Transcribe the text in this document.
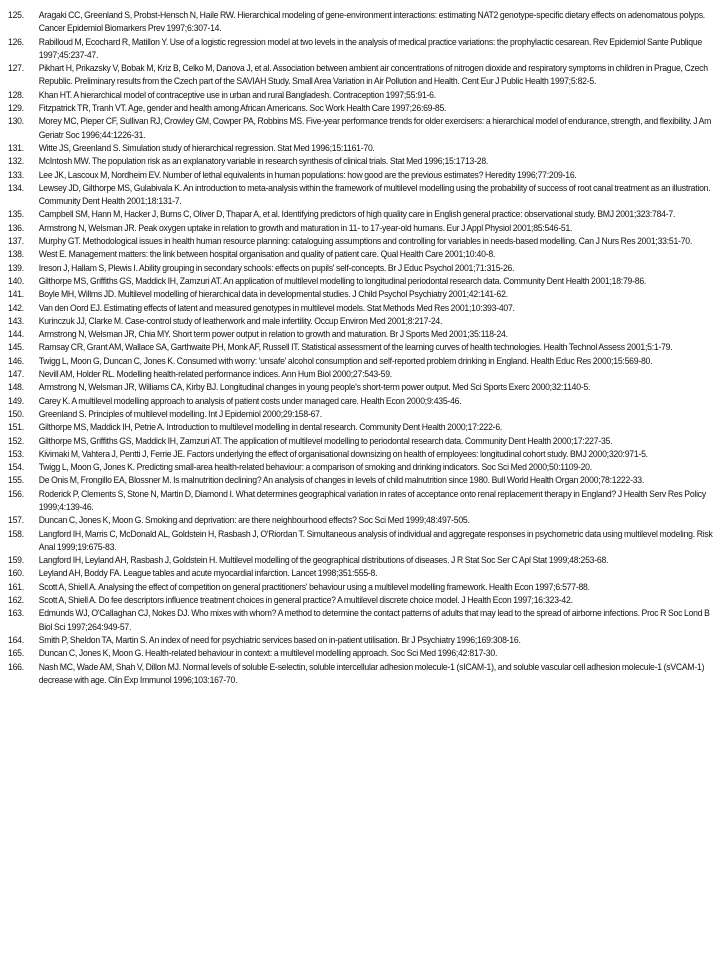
125.	Aragaki CC, Greenland S, Probst-Hensch N, Haile RW. Hierarchical modeling of gene-environment interactions: estimating NAT2 genotype-specific dietary effects on adenomatous polyps. Cancer Epidemiol Biomarkers Prev 1997;6:307-14.
126.	Rabilloud M, Ecochard R, Matillon Y. Use of a logistic regression model at two levels in the analysis of medical practice variations: the prophylactic cesarean. Rev Epidemiol Sante Publique 1997;45:237-47.
127.	Pikhart H, Prikazsky V, Bobak M, Kriz B, Celko M, Danova J, et al. Association between ambient air concentrations of nitrogen dioxide and respiratory symptoms in children in Prague, Czech Republic. Preliminary results from the Czech part of the SAVIAH Study. Small Area Variation in Air Pollution and Health. Cent Eur J Public Health 1997;5:82-5.
128.	Khan HT. A hierarchical model of contraceptive use in urban and rural Bangladesh. Contraception 1997;55:91-6.
129.	Fitzpatrick TR, Tranh VT. Age, gender and health among African Americans. Soc Work Health Care 1997;26:69-85.
130.	Morey MC, Pieper CF, Sullivan RJ, Crowley GM, Cowper PA, Robbins MS. Five-year performance trends for older exercisers: a hierarchical model of endurance, strength, and flexibility. J Am Geriatr Soc 1996;44:1226-31.
131.	Witte JS, Greenland S. Simulation study of hierarchical regression. Stat Med 1996;15:1161-70.
132.	McIntosh MW. The population risk as an explanatory variable in research synthesis of clinical trials. Stat Med 1996;15:1713-28.
133.	Lee JK, Lascoux M, Nordheim EV. Number of lethal equivalents in human populations: how good are the previous estimates? Heredity 1996;77:209-16.
134.	Lewsey JD, Gilthorpe MS, Gulabivala K. An introduction to meta-analysis within the framework of multilevel modelling using the probability of success of root canal treatment as an illustration. Community Dent Health 2001;18:131-7.
135.	Campbell SM, Hann M, Hacker J, Burns C, Oliver D, Thapar A, et al. Identifying predictors of high quality care in English general practice: observational study. BMJ 2001;323:784-7.
136.	Armstrong N, Welsman JR. Peak oxygen uptake in relation to growth and maturation in 11- to 17-year-old humans. Eur J Appl Physiol 2001;85:546-51.
137.	Murphy GT. Methodological issues in health human resource planning: cataloguing assumptions and controlling for variables in needs-based modelling. Can J Nurs Res 2001;33:51-70.
138.	West E. Management matters: the link between hospital organisation and quality of patient care. Qual Health Care 2001;10:40-8.
139.	Ireson J, Hallam S, Plewis I. Ability grouping in secondary schools: effects on pupils' self-concepts. Br J Educ Psychol 2001;71:315-26.
140.	Gilthorpe MS, Griffiths GS, Maddick IH, Zamzuri AT. An application of multilevel modelling to longitudinal periodontal research data. Community Dent Health 2001;18:79-86.
141.	Boyle MH, Willms JD. Multilevel modelling of hierarchical data in developmental studies. J Child Psychol Psychiatry 2001;42:141-62.
142.	Van den Oord EJ. Estimating effects of latent and measured genotypes in multilevel models. Stat Methods Med Res 2001;10:393-407.
143.	Kurinczuk JJ, Clarke M. Case-control study of leatherwork and male infertility. Occup Environ Med 2001;8:217-24.
144.	Armstrong N, Welsman JR, Chia MY. Short term power output in relation to growth and maturation. Br J Sports Med 2001;35:118-24.
145.	Ramsay CR, Grant AM, Wallace SA, Garthwaite PH, Monk AF, Russell IT. Statistical assessment of the learning curves of health technologies. Health Technol Assess 2001;5:1-79.
146.	Twigg L, Moon G, Duncan C, Jones K. Consumed with worry: 'unsafe' alcohol consumption and self-reported problem drinking in England. Health Educ Res 2000;15:569-80.
147.	Nevill AM, Holder RL. Modelling health-related performance indices. Ann Hum Biol 2000;27:543-59.
148.	Armstrong N, Welsman JR, Williams CA, Kirby BJ. Longitudinal changes in young people's short-term power output. Med Sci Sports Exerc 2000;32:1140-5.
149.	Carey K. A multilevel modelling approach to analysis of patient costs under managed care. Health Econ 2000;9:435-46.
150.	Greenland S. Principles of multilevel modelling. Int J Epidemiol 2000;29:158-67.
151.	Gilthorpe MS, Maddick IH, Petrie A. Introduction to multilevel modelling in dental research. Community Dent Health 2000;17:222-6.
152.	Gilthorpe MS, Griffiths GS, Maddick IH, Zamzuri AT. The application of multilevel modelling to periodontal research data. Community Dent Health 2000;17:227-35.
153.	Kivimaki M, Vahtera J, Pentti J, Ferrie JE. Factors underlying the effect of organisational downsizing on health of employees: longitudinal cohort study. BMJ 2000;320:971-5.
154.	Twigg L, Moon G, Jones K. Predicting small-area health-related behaviour: a comparison of smoking and drinking indicators. Soc Sci Med 2000;50:1109-20.
155.	De Onis M, Frongillo EA, Blossner M. Is malnutrition declining? An analysis of changes in levels of child malnutrition since 1980. Bull World Health Organ 2000;78:1222-33.
156.	Roderick P, Clements S, Stone N, Martin D, Diamond I. What determines geographical variation in rates of acceptance onto renal replacement therapy in England? J Health Serv Res Policy 1999;4:139-46.
157.	Duncan C, Jones K, Moon G. Smoking and deprivation: are there neighbourhood effects? Soc Sci Med 1999;48:497-505.
158.	Langford IH, Marris C, McDonald AL, Goldstein H, Rasbash J, O'Riordan T. Simultaneous analysis of individual and aggregate responses in psychometric data using multilevel modeling. Risk Anal 1999;19:675-83.
159.	Langford IH, Leyland AH, Rasbash J, Goldstein H. Multilevel modelling of the geographical distributions of diseases. J R Stat Soc Ser C Apl Stat 1999;48:253-68.
160.	Leyland AH, Boddy FA. League tables and acute myocardial infarction. Lancet 1998;351:555-8.
161.	Scott A, Shiell A. Analysing the effect of competition on general practitioners' behaviour using a multilevel modelling framework. Health Econ 1997;6:577-88.
162.	Scott A, Shiell A. Do fee descriptors influence treatment choices in general practice? A multilevel discrete choice model. J Health Econ 1997;16:323-42.
163.	Edmunds WJ, O'Callaghan CJ, Nokes DJ. Who mixes with whom? A method to determine the contact patterns of adults that may lead to the spread of airborne infections. Proc R Soc Lond B Biol Sci 1997;264:949-57.
164.	Smith P, Sheldon TA, Martin S. An index of need for psychiatric services based on in-patient utilisation. Br J Psychiatry 1996;169:308-16.
165.	Duncan C, Jones K, Moon G. Health-related behaviour in context: a multilevel modelling approach. Soc Sci Med 1996;42:817-30.
166.	Nash MC, Wade AM, Shah V, Dillon MJ. Normal levels of soluble E-selectin, soluble intercellular adhesion molecule-1 (sICAM-1), and soluble vascular cell adhesion molecule-1 (sVCAM-1) decrease with age. Clin Exp Immunol 1996;103:167-70.
